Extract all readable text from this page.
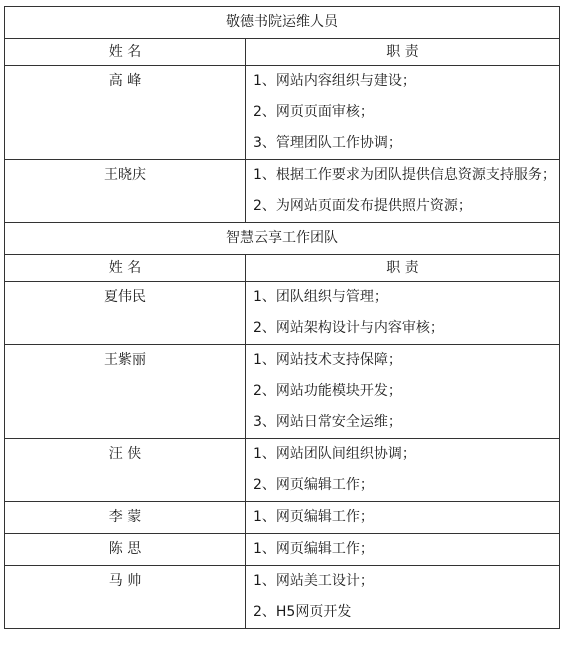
敬德书院运维人员	
姓 名	职 责
高 峰	1、网站内容组织与建设；
2、网页页面审核；
3、管理团队工作协调；

王晓庆	1、根据工作要求为团队提供信息资源支持服务；
2、为网站页面发布提供照片资源；

智慧云享工作团队	
姓 名	职 责
夏伟民	1、团队组织与管理；
2、网站架构设计与内容审核；

王紫丽	1、网站技术支持保障；
2、网站功能模块开发；
3、网站日常安全运维；

汪 侠	1、网站团队间组织协调；
2、网页编辑工作；

李 蒙	1、网页编辑工作；

陈 思	1、网页编辑工作；

马 帅	1、网站美工设计；
2、H5网页开发
